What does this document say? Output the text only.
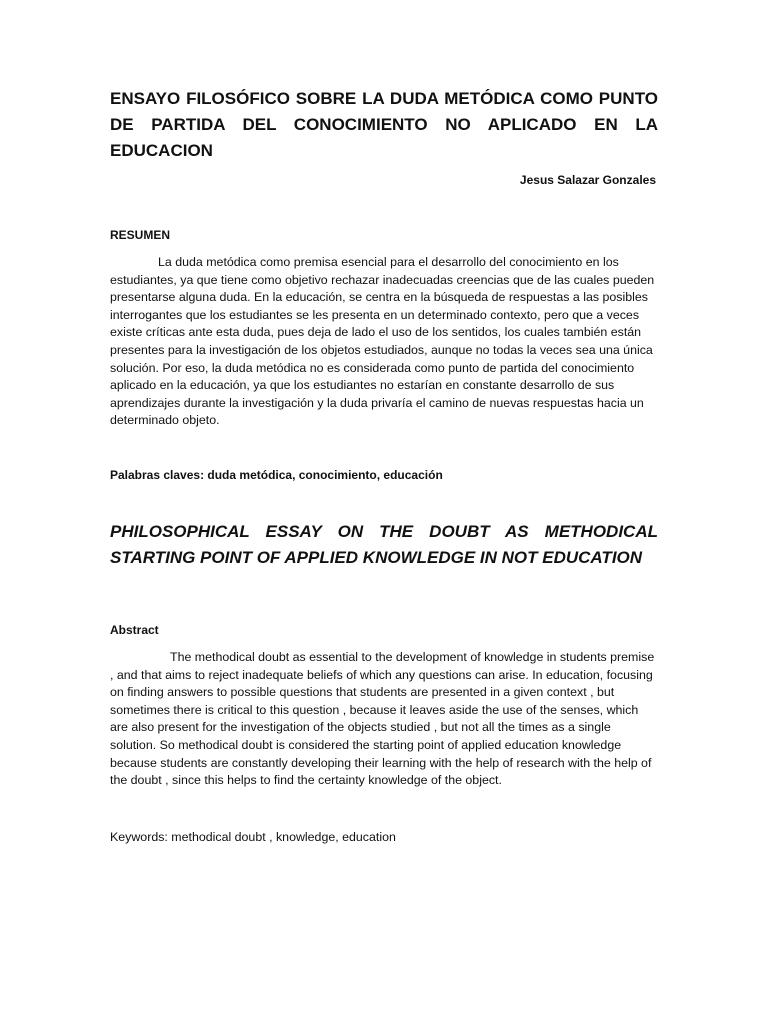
ENSAYO FILOSÓFICO SOBRE LA DUDA METÓDICA COMO PUNTO DE PARTIDA DEL CONOCIMIENTO NO APLICADO EN LA EDUCACION

Jesus Salazar Gonzales

RESUMEN

La duda metódica como premisa esencial para el desarrollo del conocimiento en los estudiantes, ya que tiene como objetivo rechazar inadecuadas creencias que de las cuales pueden presentarse alguna duda. En la educación, se centra en la búsqueda de respuestas a las posibles interrogantes que los estudiantes se les presenta en un determinado contexto, pero que a veces existe críticas ante esta duda, pues deja de lado el uso de los sentidos, los cuales también están presentes para la investigación de los objetos estudiados, aunque no todas la veces sea una única solución. Por eso, la duda metódica no es considerada como punto de partida del conocimiento aplicado en la educación, ya que los estudiantes no estarían en constante desarrollo de sus aprendizajes durante la investigación y la duda privaría el camino de nuevas respuestas hacia un determinado objeto.

Palabras claves: duda metódica, conocimiento, educación

PHILOSOPHICAL ESSAY ON THE DOUBT AS METHODICAL STARTING POINT OF APPLIED KNOWLEDGE IN NOT EDUCATION

Abstract

The methodical doubt as essential to the development of knowledge in students premise , and that aims to reject inadequate beliefs of which any questions can arise. In education, focusing on finding answers to possible questions that students are presented in a given context , but sometimes there is critical to this question , because it leaves aside the use of the senses, which are also present for the investigation of the objects studied , but not all the times as a single solution. So methodical doubt is considered the starting point of applied education knowledge because students are constantly developing their learning with the help of research with the help of the doubt , since this helps to find the certainty knowledge of the object.

Keywords: methodical doubt , knowledge, education
